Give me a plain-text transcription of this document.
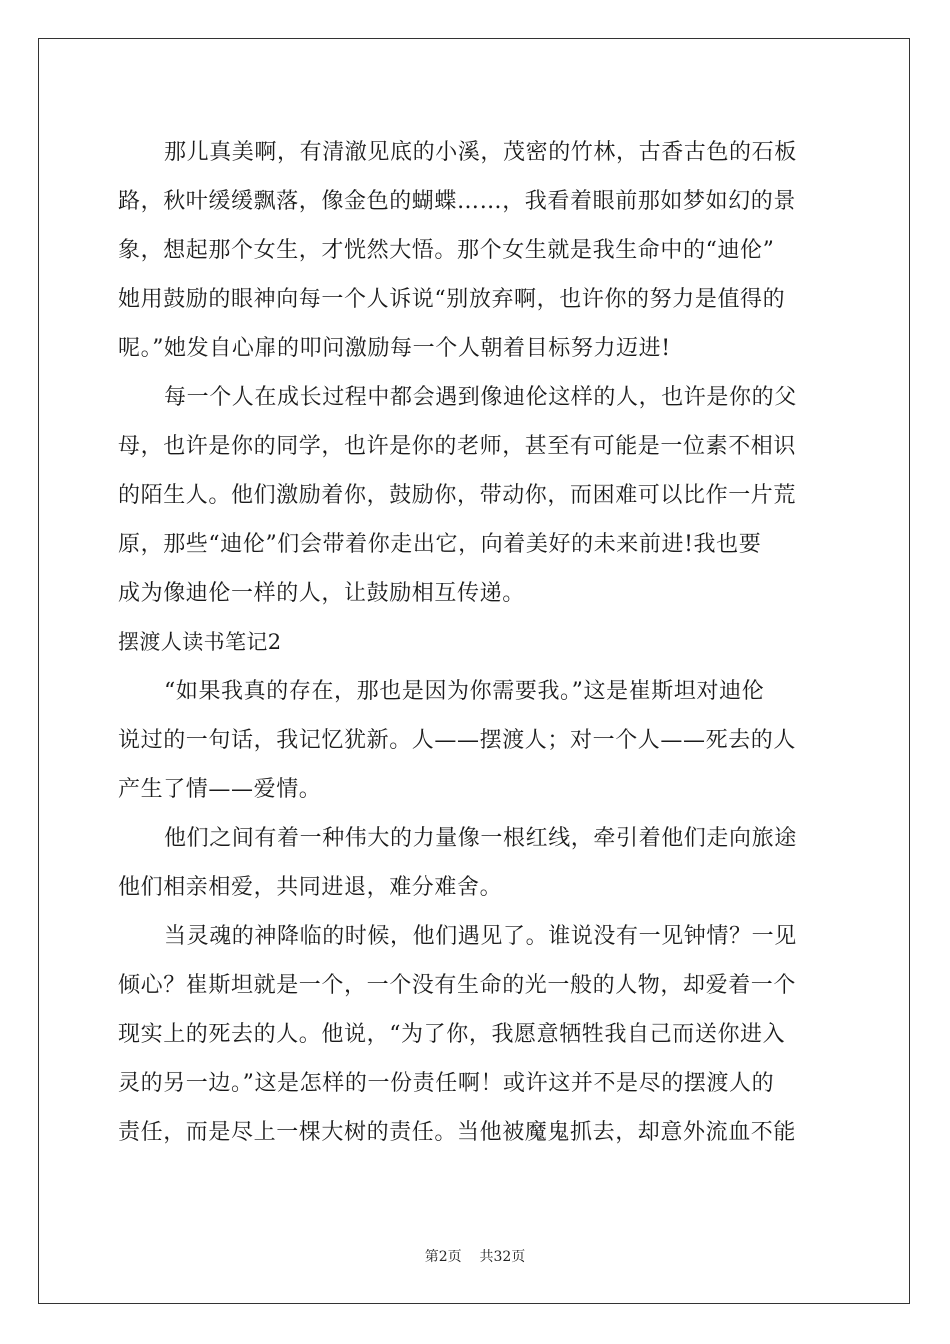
那儿真美啊，有清澈见底的小溪，茂密的竹林，古香古色的石板
路，秋叶缓缓飘落，像金色的蝴蝶……，我看着眼前那如梦如幻的景
象，想起那个女生，才恍然大悟。那个女生就是我生命中的“迪伦”
她用鼓励的眼神向每一个人诉说“别放弃啊，也许你的努力是值得的
呢。”她发自心扉的叩问激励每一个人朝着目标努力迈进!
每一个人在成长过程中都会遇到像迪伦这样的人，也许是你的父
母，也许是你的同学，也许是你的老师，甚至有可能是一位素不相识
的陌生人。他们激励着你，鼓励你，带动你，而困难可以比作一片荒
原，那些“迪伦”们会带着你走出它，向着美好的未来前进!我也要
成为像迪伦一样的人，让鼓励相互传递。
摆渡人读书笔记2
“如果我真的存在，那也是因为你需要我。”这是崔斯坦对迪伦
说过的一句话，我记忆犹新。人——摆渡人；对一个人——死去的人
产生了情——爱情。
他们之间有着一种伟大的力量像一根红线，牵引着他们走向旅途
他们相亲相爱，共同进退，难分难舍。
当灵魂的神降临的时候，他们遇见了。谁说没有一见钟情？一见
倾心？崔斯坦就是一个，一个没有生命的光一般的人物，却爱着一个
现实上的死去的人。他说，“为了你，我愿意牺牲我自己而送你进入
灵的另一边。”这是怎样的一份责任啊！或许这并不是尽的摆渡人的
责任，而是尽上一棵大树的责任。当他被魔鬼抓去，却意外流血不能
第2页    共32页
